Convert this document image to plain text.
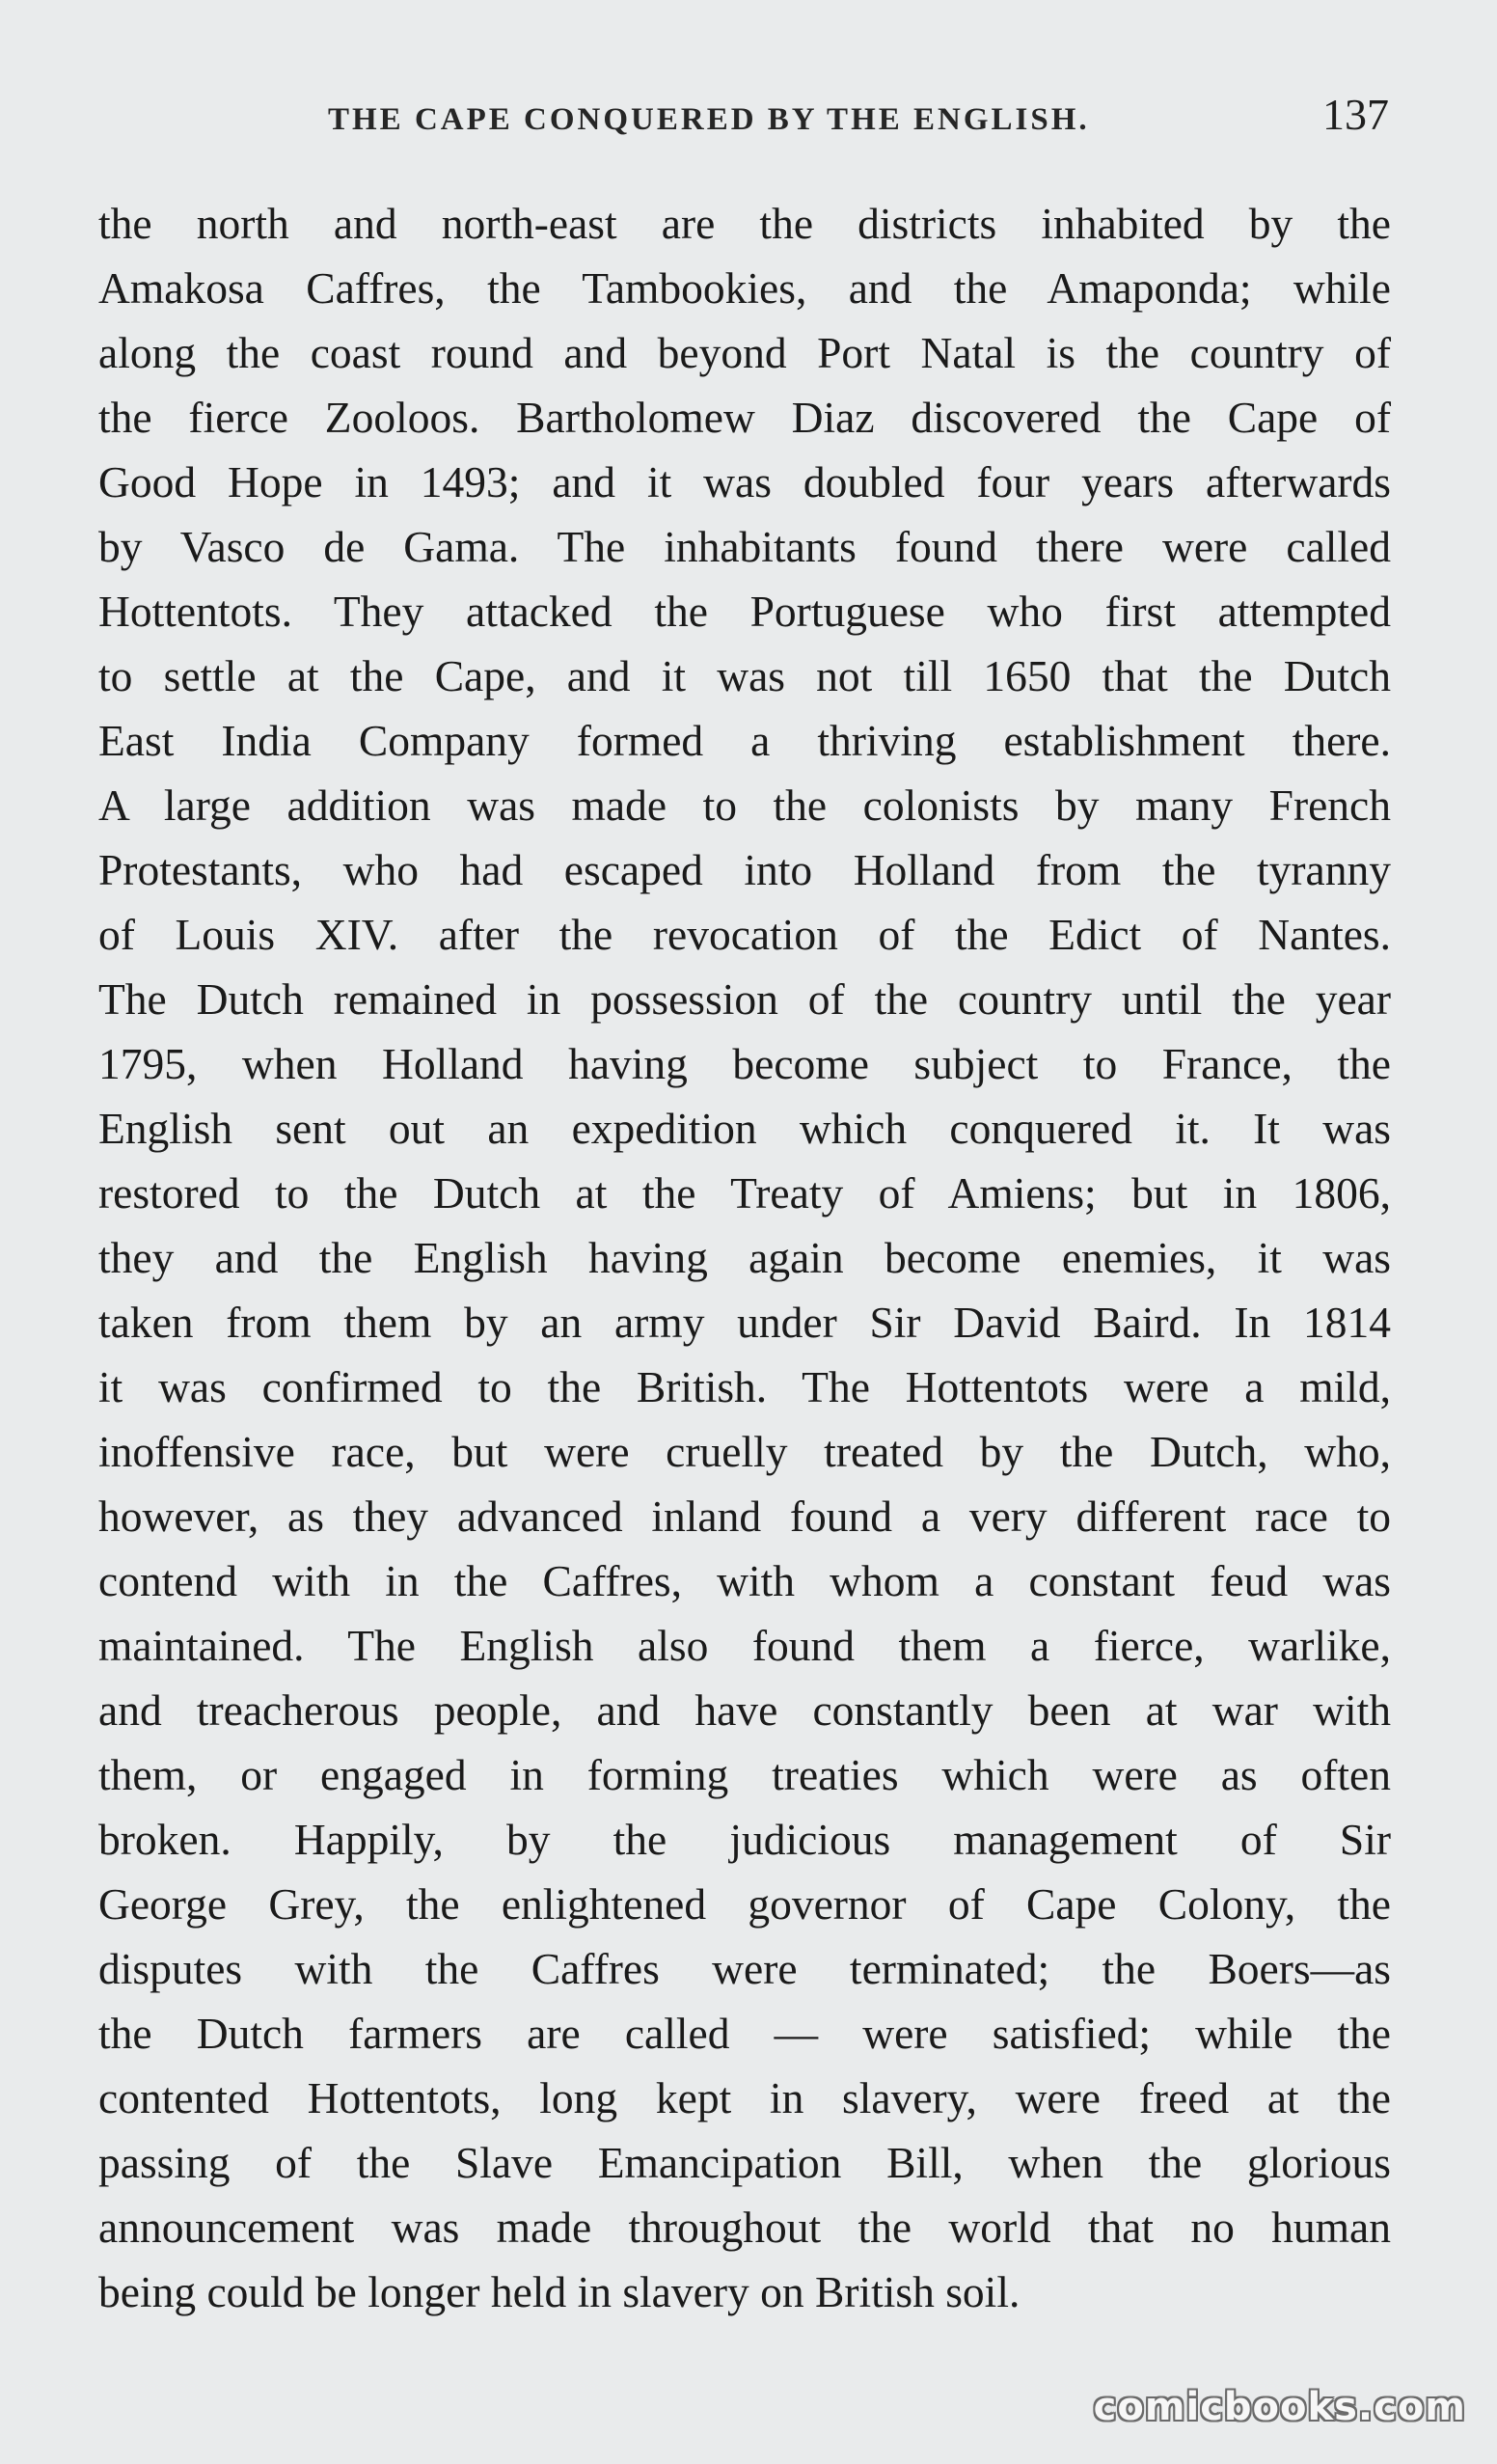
THE CAPE CONQUERED BY THE ENGLISH.	137
the north and north-east are the districts inhabited by the
Amakosa Caffres, the Tambookies, and the Amaponda; while
along the coast round and beyond Port Natal is the country of
the fierce Zooloos. Bartholomew Diaz discovered the Cape of
Good Hope in 1493; and it was doubled four years afterwards
by Vasco de Gama. The inhabitants found there were called
Hottentots. They attacked the Portuguese who first attempted
to settle at the Cape, and it was not till 1650 that the Dutch
East India Company formed a thriving establishment there.
A large addition was made to the colonists by many French
Protestants, who had escaped into Holland from the tyranny
of Louis XIV. after the revocation of the Edict of Nantes.
The Dutch remained in possession of the country until the year
1795, when Holland having become subject to France, the
English sent out an expedition which conquered it. It was
restored to the Dutch at the Treaty of Amiens; but in 1806,
they and the English having again become enemies, it was
taken from them by an army under Sir David Baird. In 1814
it was confirmed to the British. The Hottentots were a mild,
inoffensive race, but were cruelly treated by the Dutch, who,
however, as they advanced inland found a very different race to
contend with in the Caffres, with whom a constant feud was
maintained. The English also found them a fierce, warlike,
and treacherous people, and have constantly been at war with
them, or engaged in forming treaties which were as often
broken. Happily, by the judicious management of Sir
George Grey, the enlightened governor of Cape Colony, the
disputes with the Caffres were terminated; the Boers—as
the Dutch farmers are called — were satisfied; while the
contented Hottentots, long kept in slavery, were freed at the
passing of the Slave Emancipation Bill, when the glorious
announcement was made throughout the world that no human
being could be longer held in slavery on British soil.
comicbooks.com
